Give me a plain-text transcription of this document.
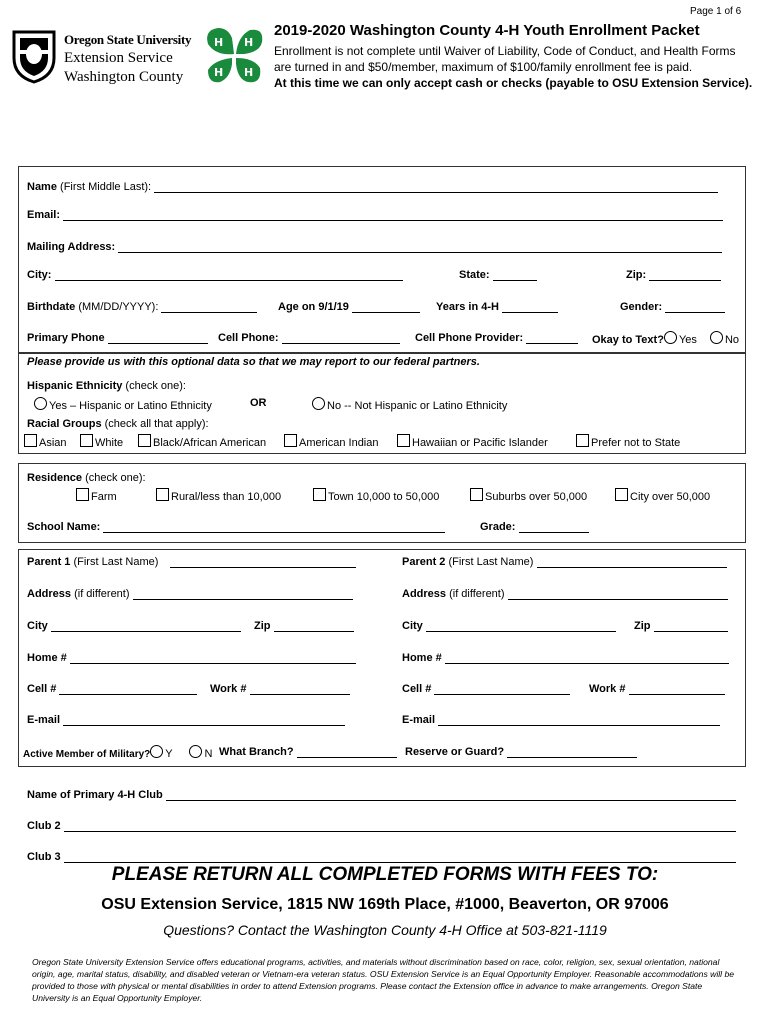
Page 1 of 6
Oregon State University
Extension Service
Washington County
H H
H H
2019-2020 Washington County 4-H Youth Enrollment Packet
Enrollment is not complete until Waiver of Liability, Code of Conduct, and Health Forms
are turned in and $50/member, maximum of $100/family enrollment fee is paid.
At this time we can only accept cash or checks (payable to OSU Extension Service).
Name (First Middle Last):
Email:
Mailing Address:
City:	State:	Zip:
Birthdate (MM/DD/YYYY):	Age on 9/1/19	Years in 4-H	Gender:
Primary Phone	Cell Phone:	Cell Phone Provider:	Okay to Text? Yes	No
Please provide us with this optional data so that we may report to our federal partners.
Hispanic Ethnicity (check one):
Yes – Hispanic or Latino Ethnicity	OR	No -- Not Hispanic or Latino Ethnicity
Racial Groups (check all that apply):
Asian	White	Black/African American	American Indian	Hawaiian or Pacific Islander	Prefer not to State
Residence (check one):
Farm	Rural/less than 10,000	Town 10,000 to 50,000	Suburbs over 50,000	City over 50,000
School Name:	Grade:
Parent 1 (First Last Name)	Parent 2 (First Last Name)
Address (if different)	Address (if different)
City	Zip	City	Zip
Home #	Home #
Cell #	Work #	Cell #	Work #
E-mail	E-mail
Active Member of Military? Y	N What Branch?	Reserve or Guard?
Name of Primary 4-H Club
Club 2
Club 3
PLEASE RETURN ALL COMPLETED FORMS WITH FEES TO:
OSU Extension Service, 1815 NW 169th Place, #1000, Beaverton, OR 97006
Questions? Contact the Washington County 4-H Office at 503-821-1119
Oregon State University Extension Service offers educational programs, activities, and materials without discrimination based on race, color, religion, sex, sexual orientation, national origin, age, marital status, disability, and disabled veteran or Vietnam-era veteran status. OSU Extension Service is an Equal Opportunity Employer. Reasonable accommodations will be provided to those with physical or mental disabilities in order to attend Extension programs. Please contact the Extension office in advance to make arrangements. Oregon State University is an Equal Opportunity Employer.
